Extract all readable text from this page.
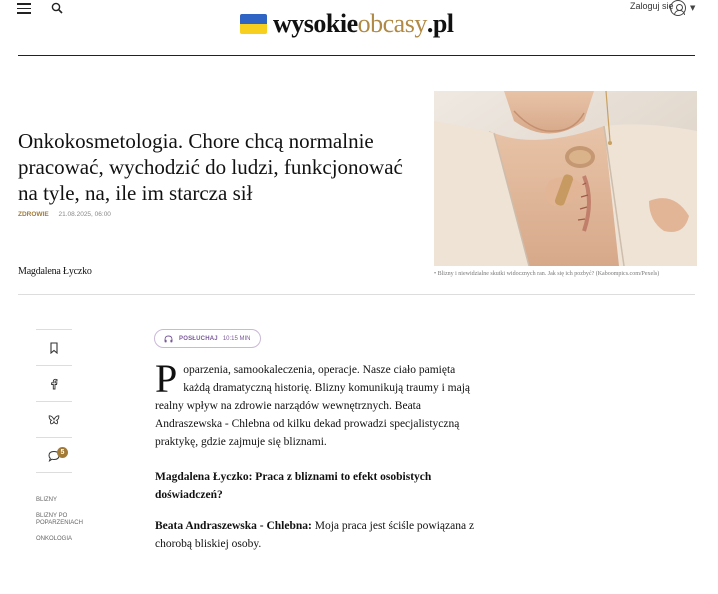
wysokie obcasy .pl
Zaloguj się ▼
Onkokosmetologia. Chore chcą normalnie pracować, wychodzić do ludzi, funkcjonować na tyle, na, ile im starcza sił
ZDROWIE 21.08.2025, 06:00
Magdalena Łyczko	• Blizny i niewidzialne skutki widocznych ran. Jak się ich pozbyć? (Kaboompics.com/Pexels)
5
BLIZNY
BLIZNY PO POPARZENIACH
ONKOLOGIA
POSŁUCHAJ 10:15 MIN
Poparzenia, samookaleczenia, operacje. Nasze ciało pamięta każdą dramatyczną historię. Blizny komunikują traumy i mają realny wpływ na zdrowie narządów wewnętrznych. Beata Andraszewska - Chlebna od kilku dekad prowadzi specjalistyczną praktykę, gdzie zajmuje się bliznami.
Magdalena Łyczko: Praca z bliznami to efekt osobistych doświadczeń?
Beata Andraszewska - Chlebna: Moja praca jest ściśle powiązana z chorobą bliskiej osoby.
